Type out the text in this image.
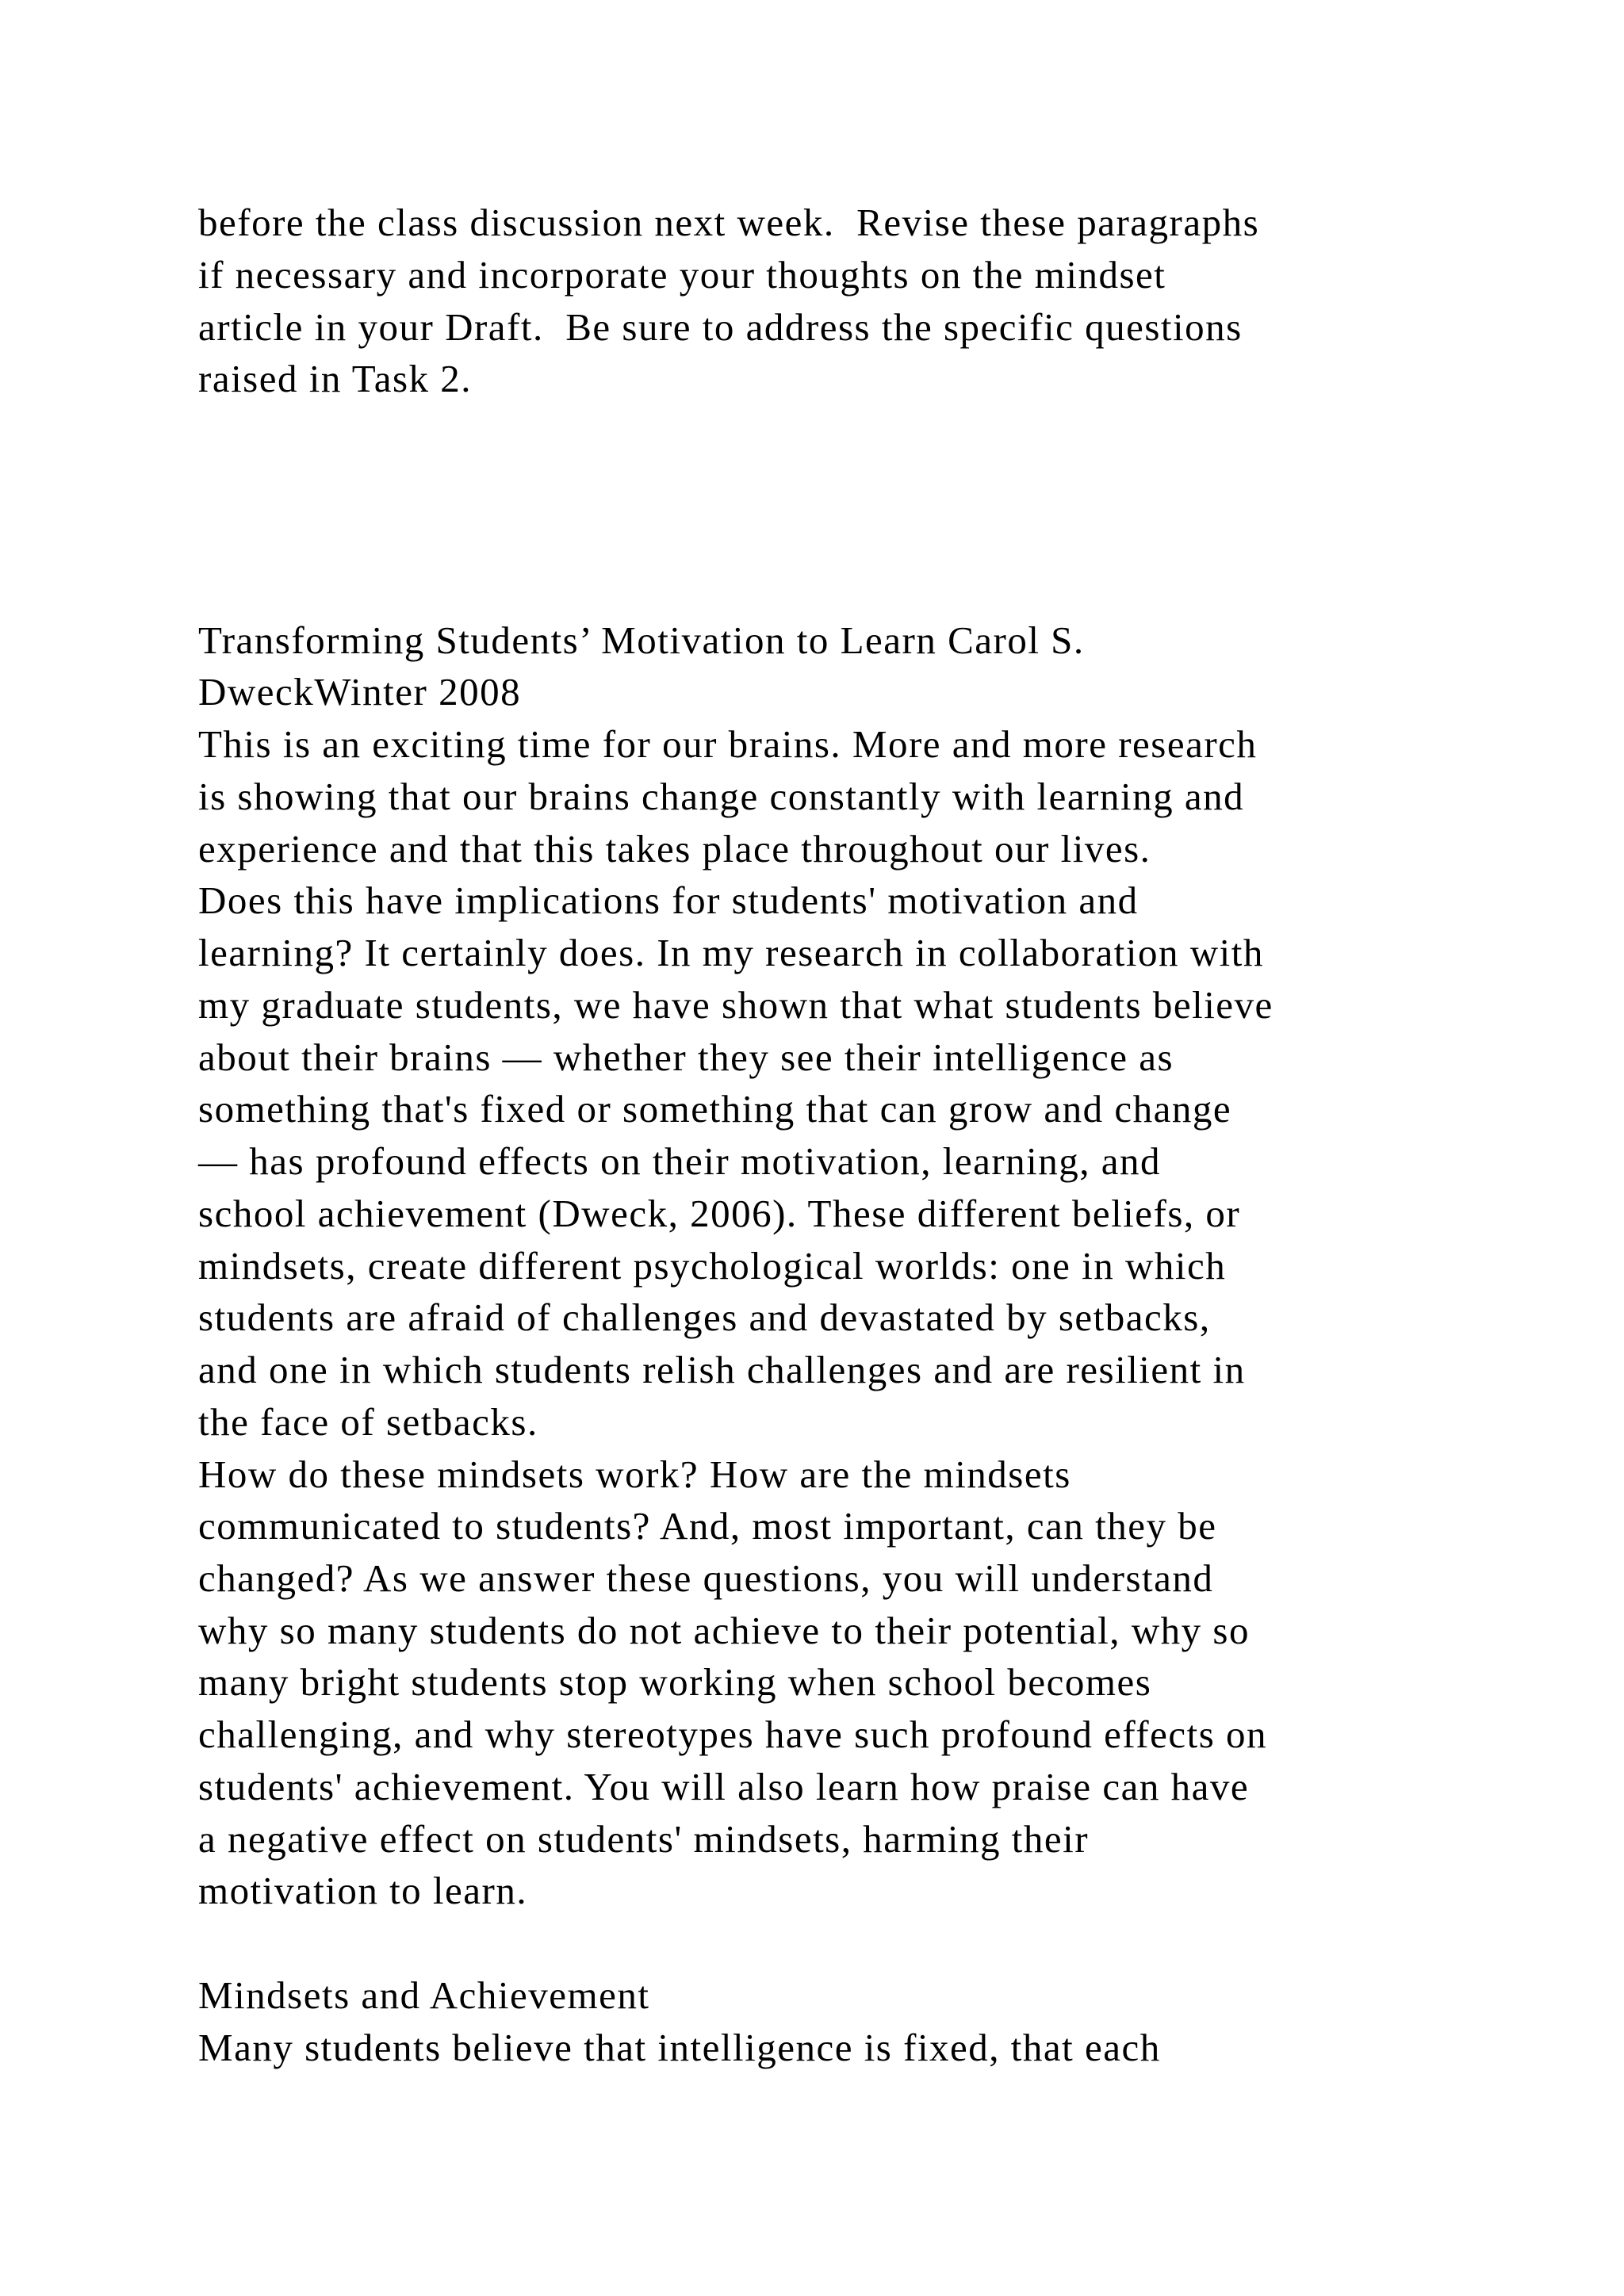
before the class discussion next week.  Revise these paragraphs

if necessary and incorporate your thoughts on the mindset

article in your Draft.  Be sure to address the specific questions

raised in Task 2.

Transforming Students’ Motivation to Learn Carol S.

DweckWinter 2008

This is an exciting time for our brains. More and more research

is showing that our brains change constantly with learning and

experience and that this takes place throughout our lives.

Does this have implications for students' motivation and

learning? It certainly does. In my research in collaboration with

my graduate students, we have shown that what students believe

about their brains — whether they see their intelligence as

something that's fixed or something that can grow and change

— has profound effects on their motivation, learning, and

school achievement (Dweck, 2006). These different beliefs, or

mindsets, create different psychological worlds: one in which

students are afraid of challenges and devastated by setbacks,

and one in which students relish challenges and are resilient in

the face of setbacks.

How do these mindsets work? How are the mindsets

communicated to students? And, most important, can they be

changed? As we answer these questions, you will understand

why so many students do not achieve to their potential, why so

many bright students stop working when school becomes

challenging, and why stereotypes have such profound effects on

students' achievement. You will also learn how praise can have

a negative effect on students' mindsets, harming their

motivation to learn.

Mindsets and Achievement

Many students believe that intelligence is fixed, that each
